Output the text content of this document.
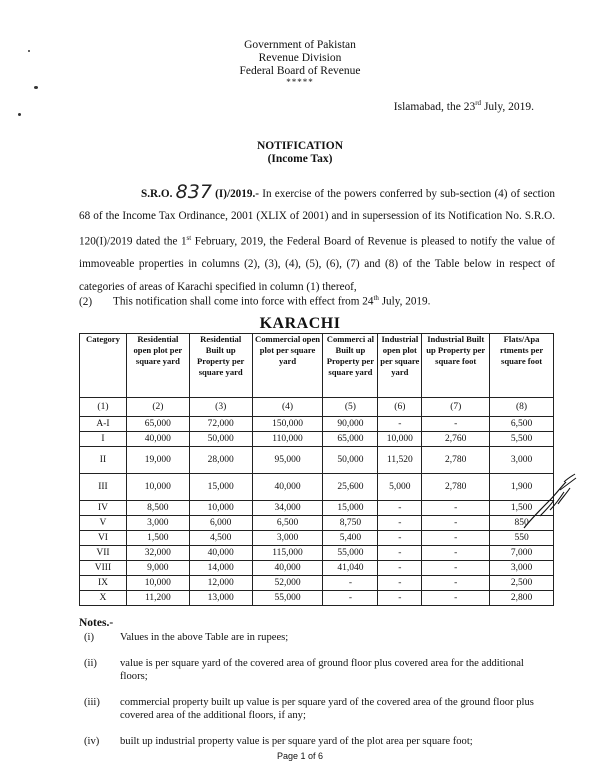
Government of Pakistan
Revenue Division
Federal Board of Revenue
*****
Islamabad, the 23rd July, 2019.
NOTIFICATION
(Income Tax)
S.R.O. 837 (I)/2019.- In exercise of the powers conferred by sub-section (4) of section 68 of the Income Tax Ordinance, 2001 (XLIX of 2001) and in supersession of its Notification No. S.R.O. 120(I)/2019 dated the 1st February, 2019, the Federal Board of Revenue is pleased to notify the value of immoveable properties in columns (2), (3), (4), (5), (6), (7) and (8) of the Table below in respect of categories of areas of Karachi specified in column (1) thereof,
(2) This notification shall come into force with effect from 24th July, 2019.
KARACHI
Category	Residential open plot per square yard	Residential Built up Property per square yard	Commercial open plot per square yard	Commerci al Built up Property per square yard	Industrial open plot per square yard	Industrial Built up Property per square foot	Flats/Apa rtments per square foot
(1)	(2)	(3)	(4)	(5)	(6)	(7)	(8)
A-I	65,000	72,000	150,000	90,000	-	-	6,500
I	40,000	50,000	110,000	65,000	10,000	2,760	5,500
II	19,000	28,000	95,000	50,000	11,520	2,780	3,000
III	10,000	15,000	40,000	25,600	5,000	2,780	1,900
IV	8,500	10,000	34,000	15,000	-	-	1,500
V	3,000	6,000	6,500	8,750	-	-	850
VI	1,500	4,500	3,000	5,400	-	-	550
VII	32,000	40,000	115,000	55,000	-	-	7,000
VIII	9,000	14,000	40,000	41,040	-	-	3,000
IX	10,000	12,000	52,000	-	-	-	2,500
X	11,200	13,000	55,000	-	-	-	2,800
Notes.-
(i) Values in the above Table are in rupees;
(ii) value is per square yard of the covered area of ground floor plus covered area for the additional floors;
(iii) commercial property built up value is per square yard of the covered area of the ground floor plus covered area of the additional floors, if any;
(iv) built up industrial property value is per square yard of the plot area per square foot;
Page 1 of 6
